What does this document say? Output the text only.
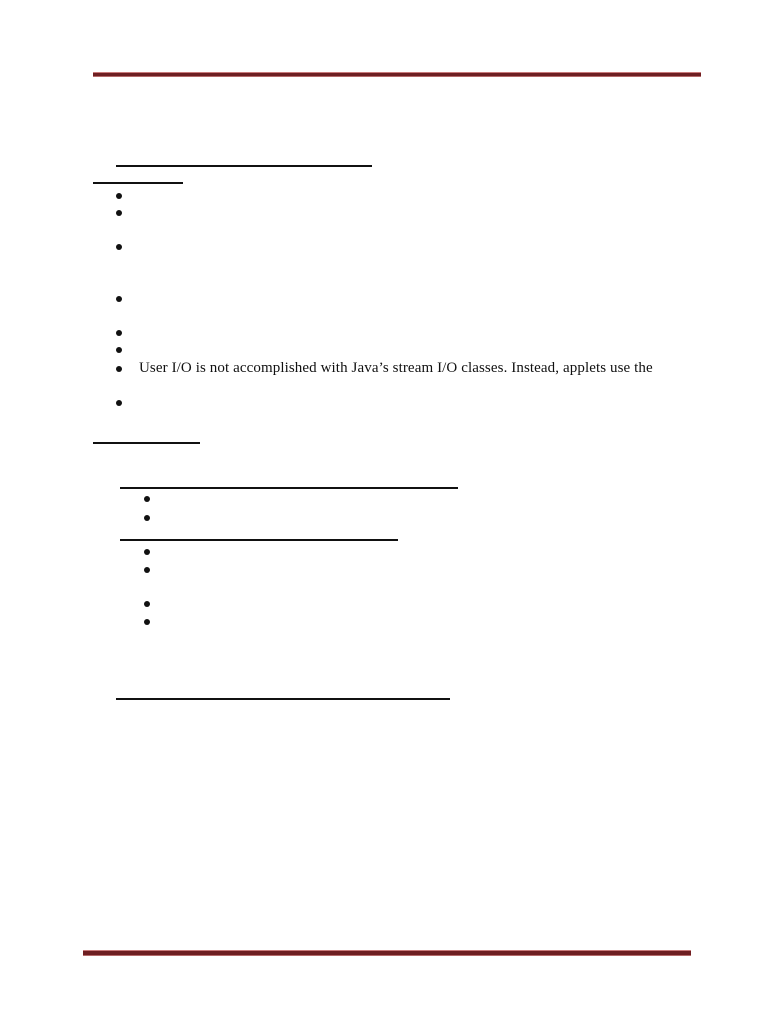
User I/O is not accomplished with Java’s stream I/O classes. Instead, applets use the
